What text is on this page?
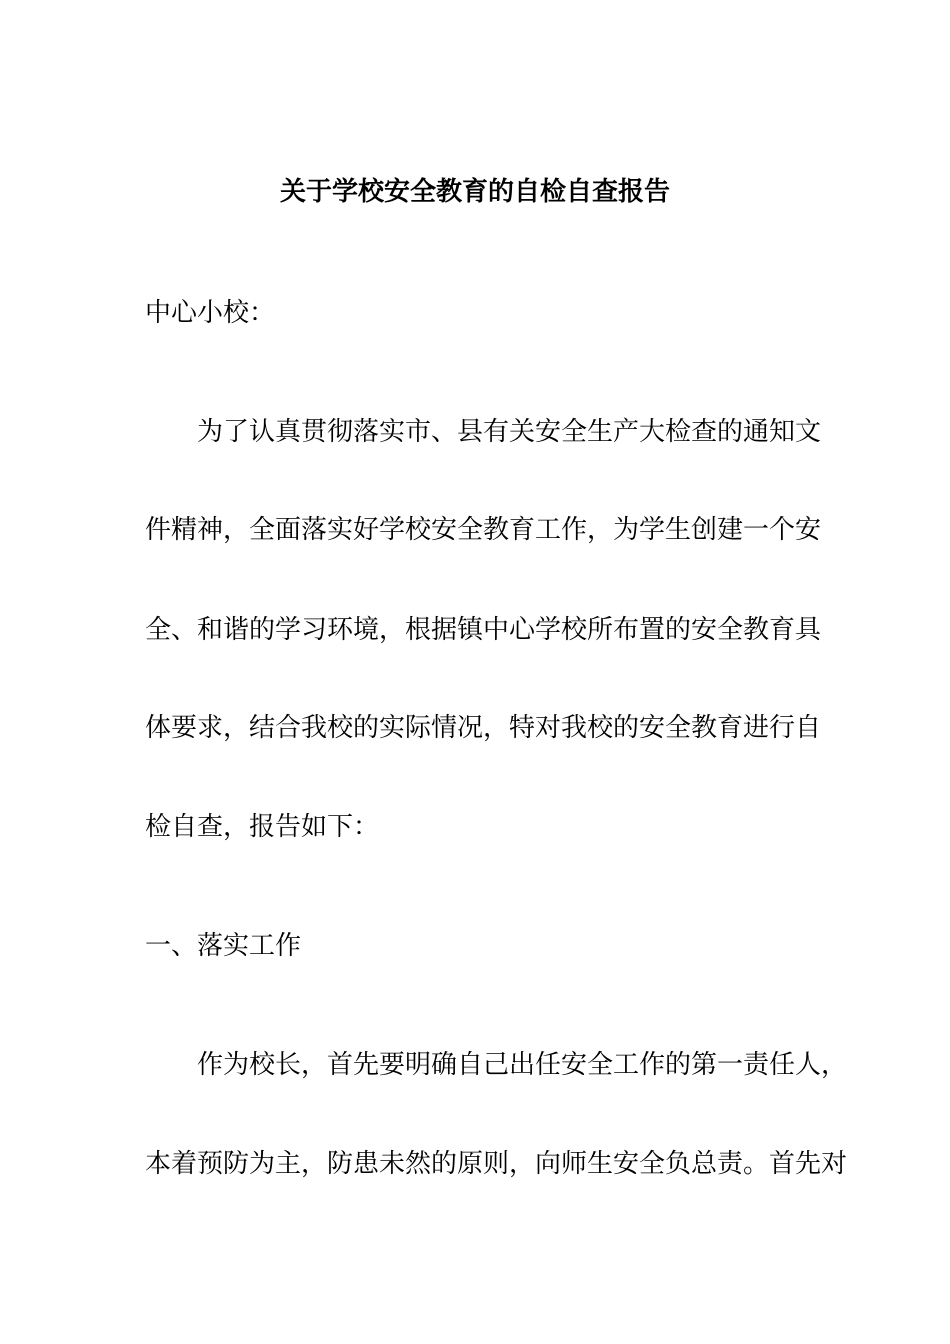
关于学校安全教育的自检自查报告
中心小校：
为了认真贯彻落实市、县有关安全生产大检查的通知文
件精神，全面落实好学校安全教育工作，为学生创建一个安
全、和谐的学习环境，根据镇中心学校所布置的安全教育具
体要求，结合我校的实际情况，特对我校的安全教育进行自
检自查，报告如下：
一、落实工作
作为校长，首先要明确自己出任安全工作的第一责任人，
本着预防为主，防患未然的原则，向师生安全负总责。首先对
